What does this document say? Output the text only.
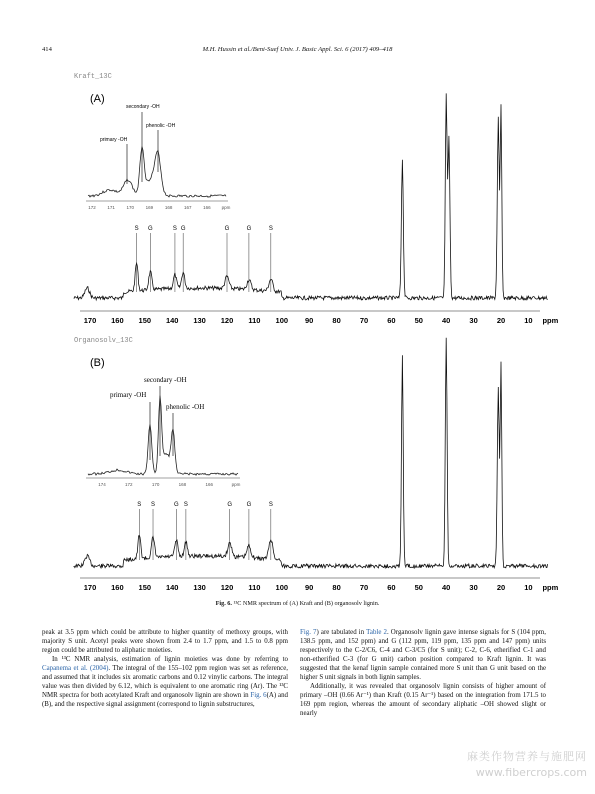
414	M.H. Hussin et al./Beni-Suef Univ. J. Basic Appl. Sci. 6 (2017) 409–418
Kraft_13C
(A)
172	171	170	169	168	167	166 ppm
secondary -OH
primary -OH
phenolic -OH
S G	S G	G	G	S
170 160 150 140 130 120 110 100 90	80	70	60	50	40	30	20	10 ppm
Organosolv_13C
(B)
174	172	170	168	166	ppm
secondary -OH
primary -OH
phenolic -OH
S S	G S	G G	S
170 160 150 140 130 120 110 100 90	80	70	60	50	40	30	20	10 ppm
Fig. 6. ¹³C NMR spectrum of (A) Kraft and (B) organosolv lignin.

peak at 3.5 ppm which could be attribute to higher quantity of methoxy groups, with majority S unit. Acetyl peaks were shown from 2.4 to 1.7 ppm, and 1.5 to 0.8 ppm region could be attributed to aliphatic moieties.

In ¹³C NMR analysis, estimation of lignin moieties was done by referring to Capanema et al. (2004). The integral of the 155–102 ppm region was set as reference, and assumed that it includes six aromatic carbons and 0.12 vinylic carbons. The integral value was then divided by 6.12, which is equivalent to one aromatic ring (Ar). The ¹³C NMR spectra for both acetylated Kraft and organosolv lignin are shown in Fig. 6(A) and (B), and the respective signal assignment (correspond to lignin substructures,

Fig. 7) are tabulated in Table 2. Organosolv lignin gave intense signals for S (104 ppm, 138.5 ppm, and 152 ppm) and G (112 ppm, 119 ppm, 135 ppm and 147 ppm) units respectively to the C-2/C6, C-4 and C-3/C5 (for S unit); C-2, C-6, etherified C-1 and non-etherified C-3 (for G unit) carbon position compared to Kraft lignin. It was suggested that the kenaf lignin sample contained more S unit than G unit based on the higher S unit signals in both lignin samples.

Additionally, it was revealed that organosolv lignin consists of higher amount of primary –OH (0.66 Ar⁻¹) than Kraft (0.15 Ar⁻¹) based on the integration from 171.5 to 169 ppm region, whereas the amount of secondary aliphatic –OH showed slight or nearly

麻类作物营养与施肥网
www.fibercrops.com
